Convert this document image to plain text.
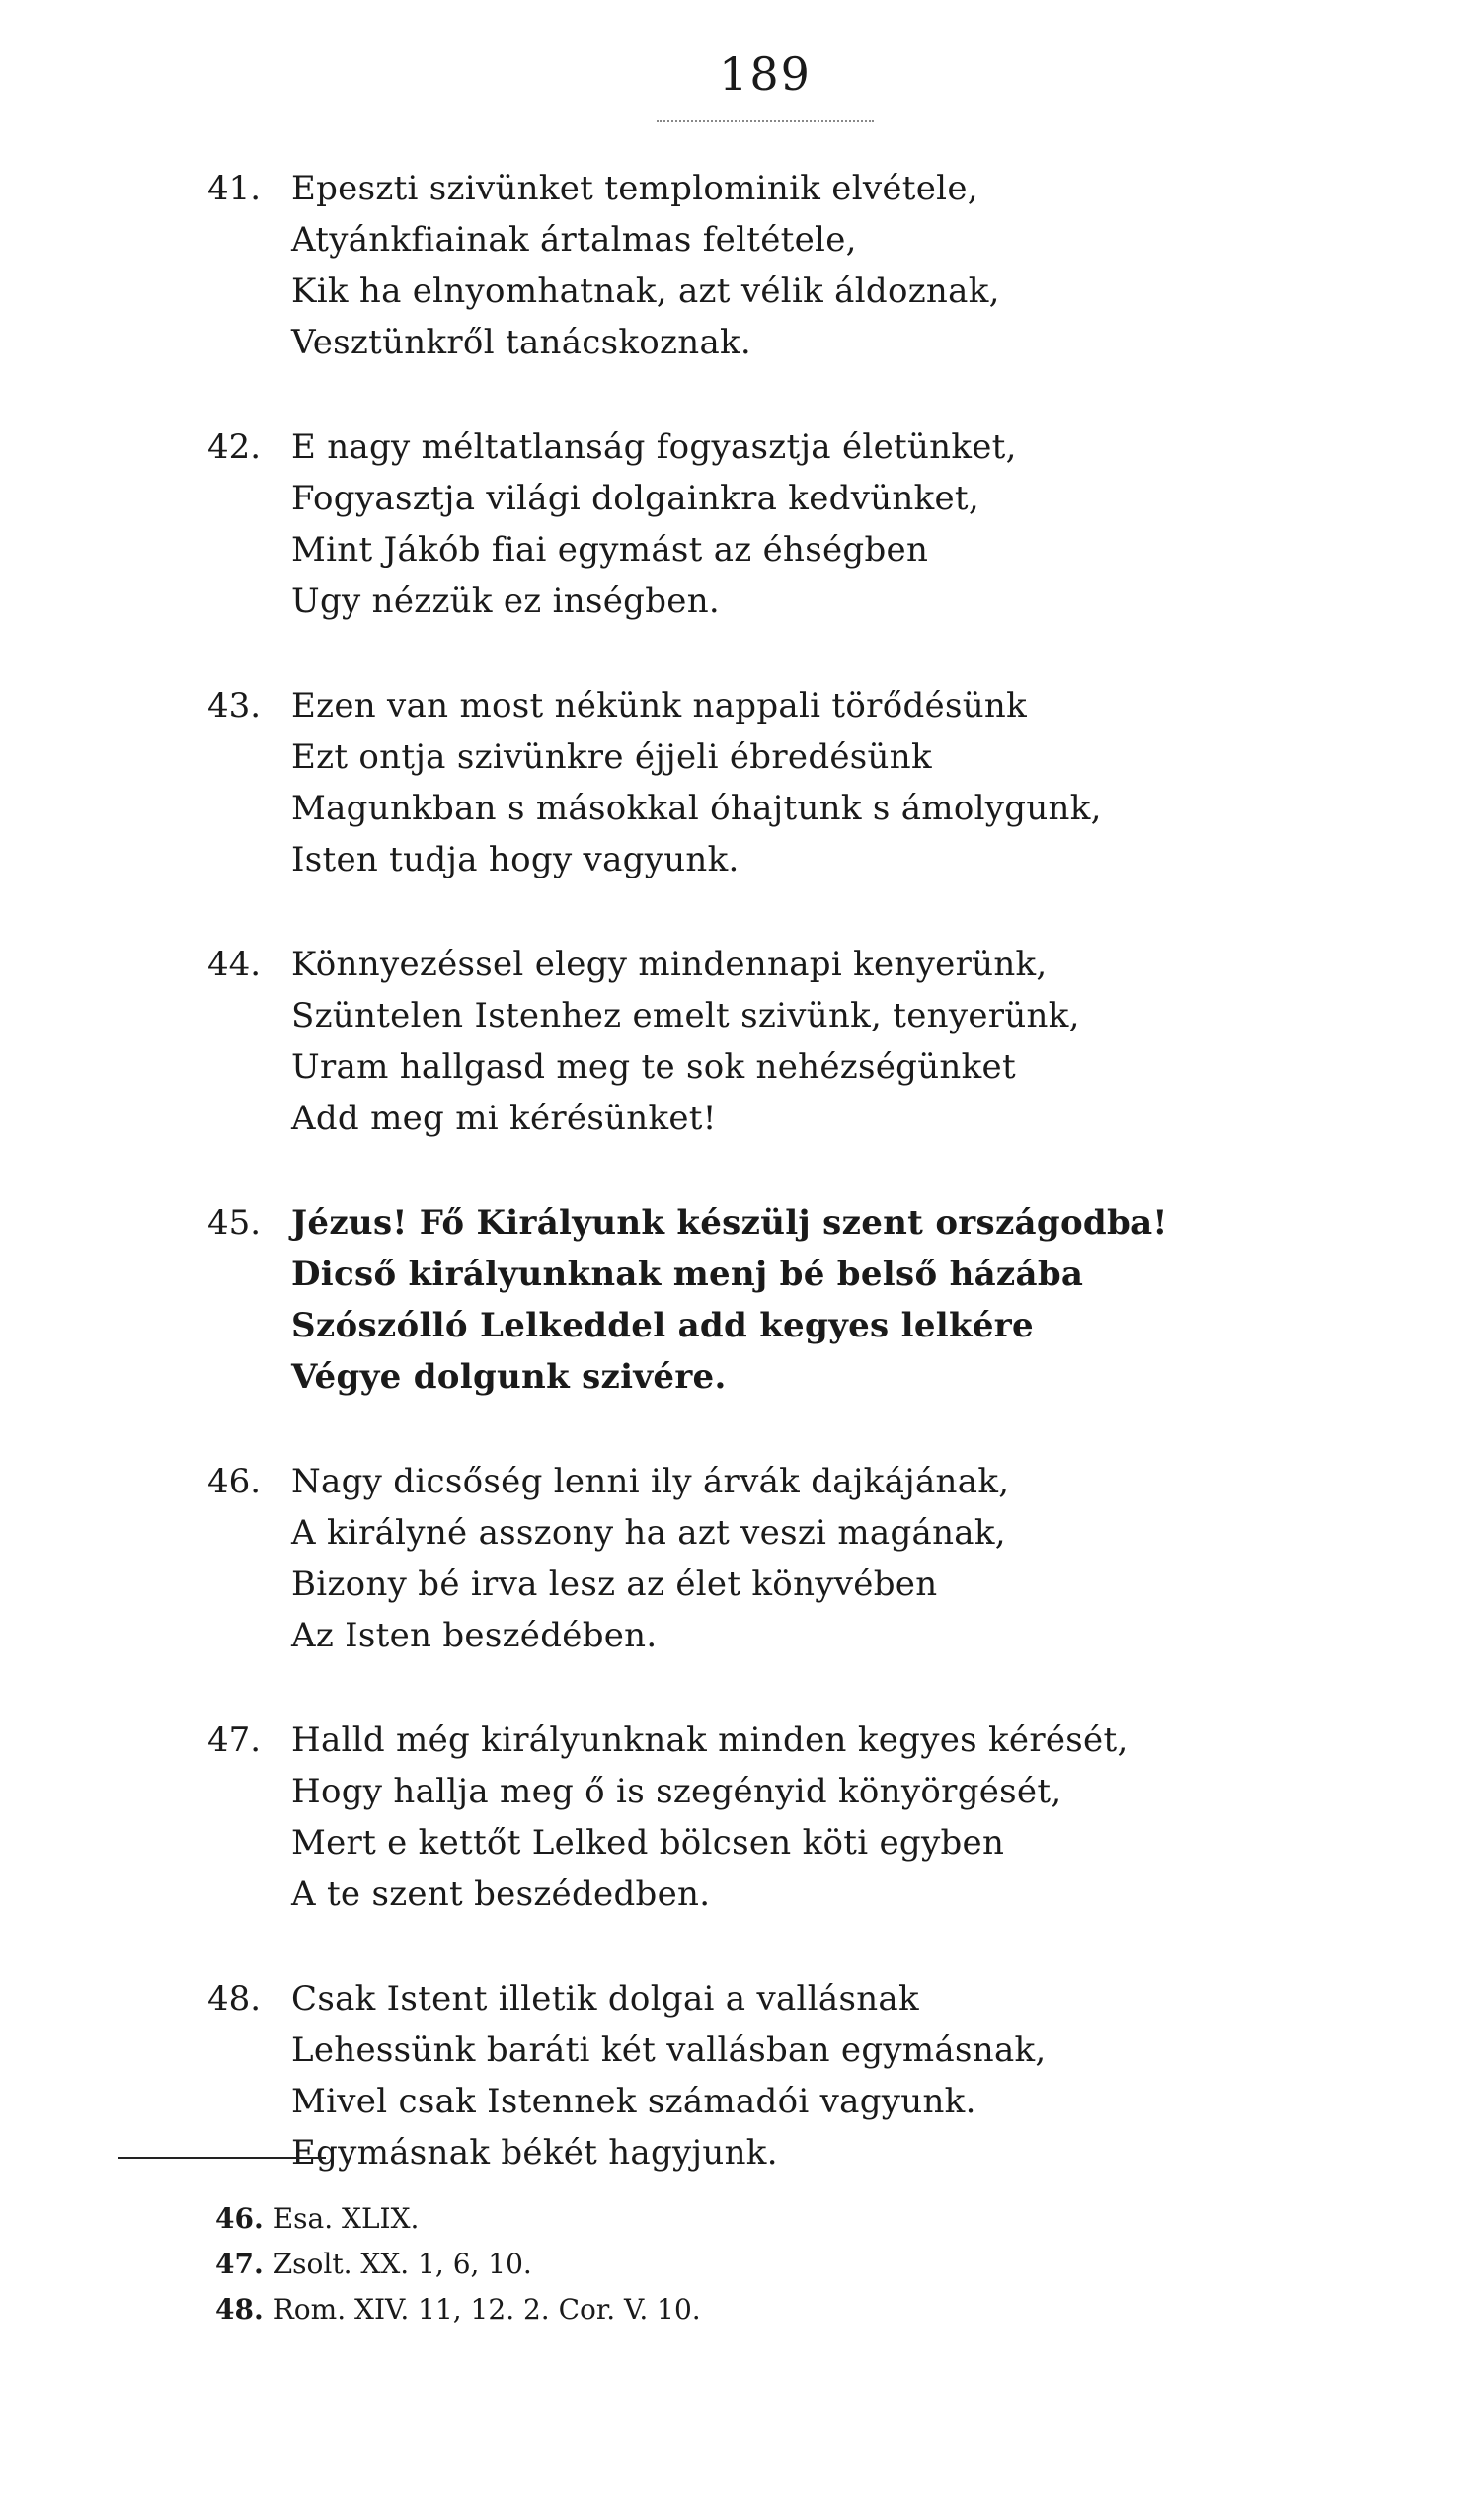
189
41. Epeszti szivünket templominik elvétele,
Atyánkfiainak ártalmas feltétele,
Kik ha elnyomhatnak, azt vélik áldoznak,
Vesztünkről tanácskoznak.
42. E nagy méltatlanság fogyasztja életünket,
Fogyasztja világi dolgainkra kedvünket,
Mint Jákób fiai egymást az éhségben
Ugy nézzük ez inségben.
43. Ezen van most nékünk nappali törődésünk
Ezt ontja szivünkre éjjeli ébredésünk
Magunkban s másokkal óhajtunk s ámolygunk,
Isten tudja hogy vagyunk.
44. Könnyezéssel elegy mindennapi kenyerünk,
Szüntelen Istenhez emelt szivünk, tenyerünk,
Uram hallgasd meg te sok nehézségünket
Add meg mi kérésünket!
45. Jézus! Fő Királyunk készülj szent országodba!
Dicső királyunknak menj bé belső házába
Szószólló Lelkeddel add kegyes lelkére
Végye dolgunk szivére.
46. Nagy dicsőség lenni ily árvák dajkájának,
A királyné asszony ha azt veszi magának,
Bizony bé irva lesz az élet könyvében
Az Isten beszédében.
47. Halld még királyunknak minden kegyes kérését,
Hogy hallja meg ő is szegényid könyörgését,
Mert e kettőt Lelked bölcsen köti egyben
A te szent beszédedben.
48. Csak Istent illetik dolgai a vallásnak
Lehessünk baráti két vallásban egymásnak,
Mivel csak Istennek számadói vagyunk.
Egymásnak békét hagyjunk.
46. Esa. XLIX.
47. Zsolt. XX. 1, 6, 10.
48. Rom. XIV. 11, 12. 2. Cor. V. 10.
